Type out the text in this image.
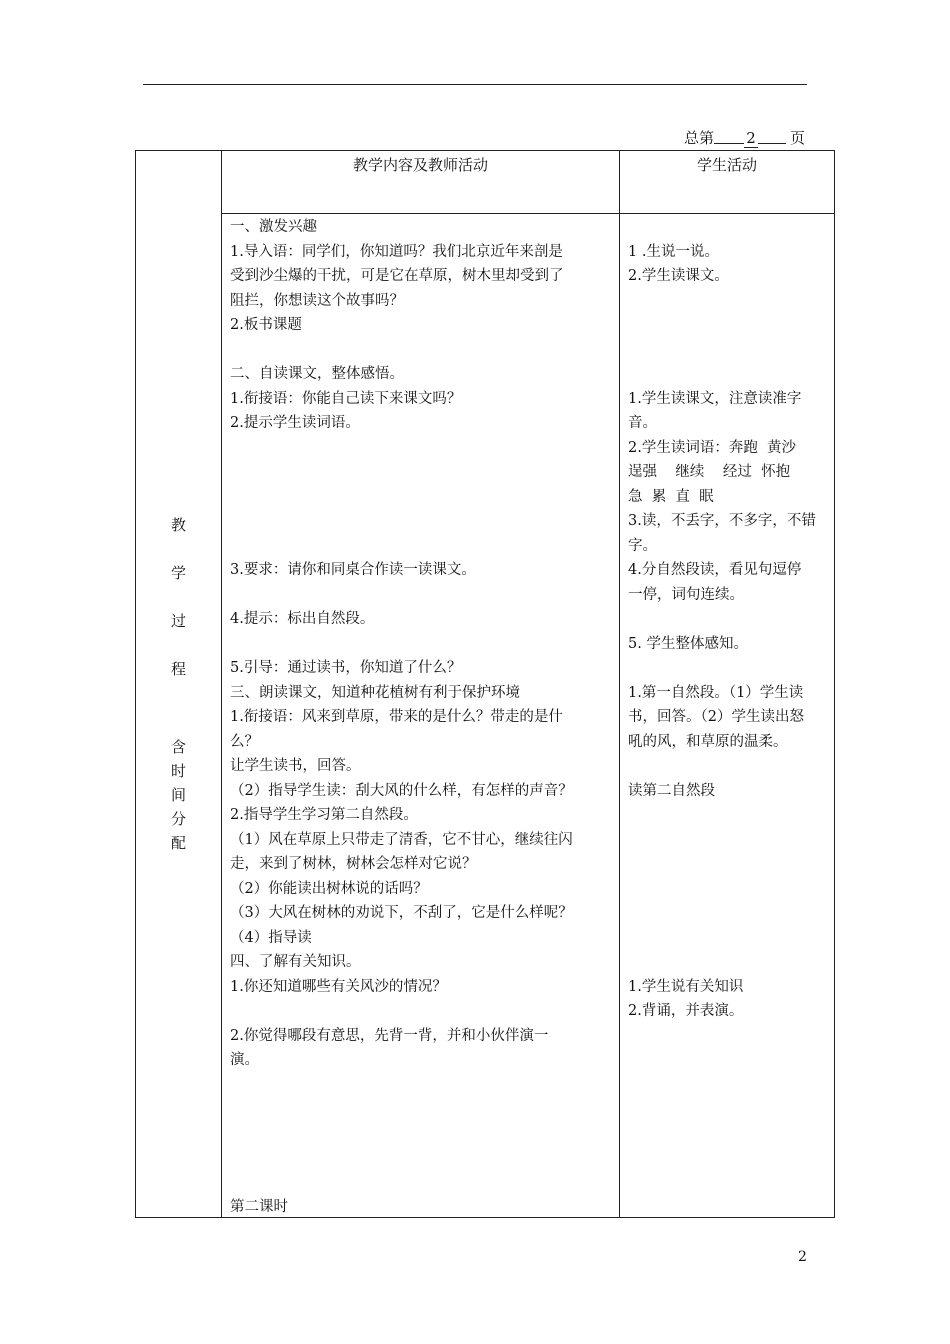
总第 2 页
教学内容及教师活动	学生活动
教
学
过
程
含
时
间
分
配

一、激发兴趣

1.导入语：同学们，你知道吗？我们北京近年来剖是

受到沙尘爆的干扰，可是它在草原，树木里却受到了

阻拦，你想读这个故事吗？

2.板书课题

二、自读课文，整体感悟。

1.衔接语：你能自己读下来课文吗？

2.提示学生读词语。

3.要求：请你和同桌合作读一读课文。

4.提示：标出自然段。

5.引导：通过读书，你知道了什么？

三、朗读课文，知道种花植树有利于保护环境

1.衔接语：风来到草原，带来的是什么？带走的是什

么？

让学生读书，回答。

（2）指导学生读：刮大风的什么样，有怎样的声音？

2.指导学生学习第二自然段。

（1）风在草原上只带走了清香，它不甘心，继续往闪

走，来到了树林，树林会怎样对它说？

（2）你能读出树林说的话吗？

（3）大风在树林的劝说下，不刮了，它是什么样呢？

（4）指导读

四、了解有关知识。

1.你还知道哪些有关风沙的情况？

2.你觉得哪段有意思，先背一背，并和小伙伴演一

演。

第二课时

1 .生说一说。

2.学生读课文。

1.学生读课文，注意读准字

音。

2.学生读词语：奔跑  黄沙

逞强    继续    经过  怀抱

急  累  直  眠

3.读，不丢字，不多字，不错

字。

4.分自然段读，看见句逗停

一停，词句连续。

5. 学生整体感知。

1.第一自然段。（1）学生读

书，回答。（2）学生读出怒

吼的风，和草原的温柔。

读第二自然段

1.学生说有关知识

2.背诵，并表演。

2
